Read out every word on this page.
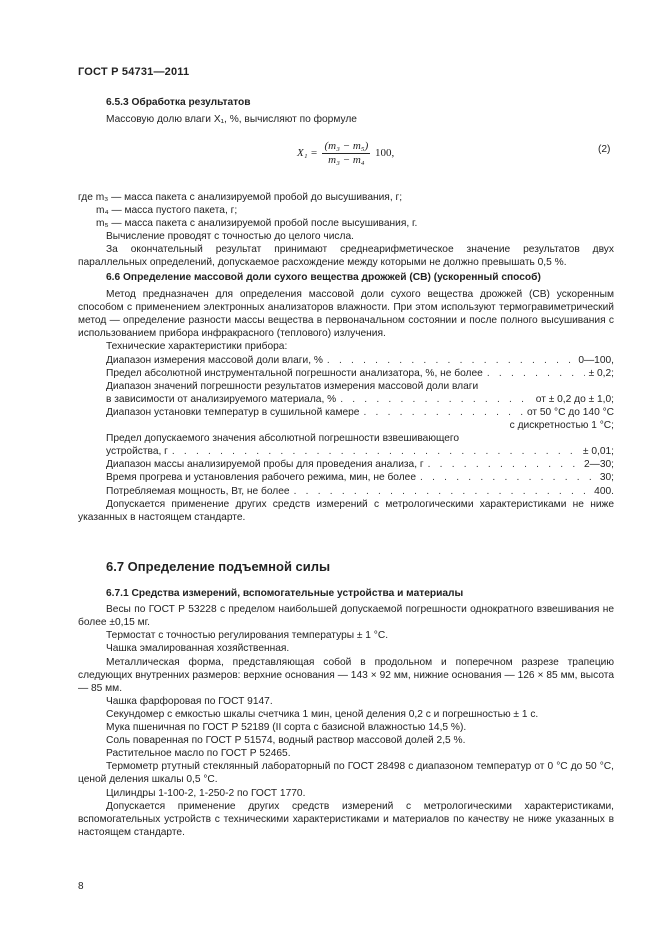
ГОСТ Р 54731—2011

6.5.3 Обработка результатов

Массовую долю влаги X₁, %, вычисляют по формуле

$X_1 = \frac{\text{(m₃ − m₅)}}{\text{m₃ − m₄}} 100$,	(2)
где m₃ — масса пакета с анализируемой пробой до высушивания, г;
m₄ — масса пустого пакета, г;
m₅ — масса пакета с анализируемой пробой после высушивания, г.
Вычисление проводят с точностью до целого числа.

За окончательный результат принимают среднеарифметическое значение результатов двух параллельных определений, допускаемое расхождение между которыми не должно превышать 0,5 %.

6.6 Определение массовой доли сухого вещества дрожжей (СВ) (ускоренный способ)

Метод предназначен для определения массовой доли сухого вещества дрожжей (СВ) ускоренным способом с применением электронных анализаторов влажности. При этом используют термогравиметрический метод — определение разности массы вещества в первоначальном состоянии и после полного высушивания с использованием прибора инфракрасного (теплового) излучения.

Технические характеристики прибора:
Диапазон измерения массовой доли влаги, % . . .	0—100,
Предел абсолютной инструментальной погрешности анализатора, %, не более . . .	± 0,2;
Диапазон значений погрешности результатов измерения массовой доли влаги
в зависимости от анализируемого материала, % . . .	от ± 0,2 до ± 1,0;
Диапазон установки температур в сушильной камере . . .	от 50 °С до 140 °С
с дискретностью 1 °С;
Предел допускаемого значения абсолютной погрешности взвешивающего
устройства, г . . .	± 0,01;
Диапазон массы анализируемой пробы для проведения анализа, г . . .	2—30;
Время прогрева и установления рабочего режима, мин, не более . . .	30;
Потребляемая мощность, Вт, не более . . .	400.

Допускается применение других средств измерений с метрологическими характеристиками не ниже указанных в настоящем стандарте.

6.7 Определение подъемной силы

6.7.1 Средства измерений, вспомогательные устройства и материалы

Весы по ГОСТ Р 53228 с пределом наибольшей допускаемой погрешности однократного взвешивания не более ±0,15 мг.

Термостат с точностью регулирования температуры ± 1 °С.

Чашка эмалированная хозяйственная.

Металлическая форма, представляющая собой в продольном и поперечном разрезе трапецию следующих внутренних размеров: верхние основания — 143 × 92 мм, нижние основания — 126 × 85 мм, высота — 85 мм.

Чашка фарфоровая по ГОСТ 9147.

Секундомер с емкостью шкалы счетчика 1 мин, ценой деления 0,2 с и погрешностью ± 1 с.

Мука пшеничная по ГОСТ Р 52189 (II сорта с базисной влажностью 14,5 %).

Соль поваренная по ГОСТ Р 51574, водный раствор массовой долей 2,5 %.

Растительное масло по ГОСТ Р 52465.

Термометр ртутный стеклянный лабораторный по ГОСТ 28498 с диапазоном температур от 0 °С до 50 °С, ценой деления шкалы 0,5 °С.

Цилиндры 1-100-2, 1-250-2 по ГОСТ 1770.

Допускается применение других средств измерений с метрологическими характеристиками, вспомогательных устройств с техническими характеристиками и материалов по качеству не ниже указанных в настоящем стандарте.

8
